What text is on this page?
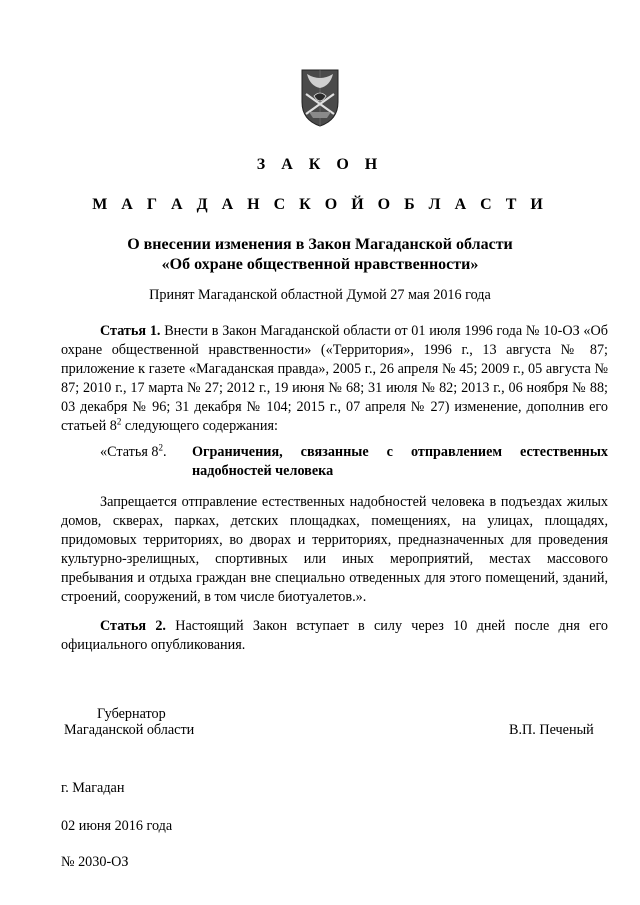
З А К О Н
М А Г А Д А Н С К О Й О Б Л А С Т И
О внесении изменения в Закон Магаданской области
«Об охране общественной нравственности»
Принят Магаданской областной Думой 27 мая 2016 года
Статья 1. Внести в Закон Магаданской области от 01 июля 1996 года № 10-ОЗ «Об охране общественной нравственности» («Территория», 1996 г., 13 августа № 87; приложение к газете «Магаданская правда», 2005 г., 26 апреля № 45; 2009 г., 05 августа № 87; 2010 г., 17 марта № 27; 2012 г., 19 июня № 68; 31 июля № 82; 2013 г., 06 ноября № 88; 03 декабря № 96; 31 декабря № 104; 2015 г., 07 апреля № 27) изменение, дополнив его статьей $8^2$ следующего содержания:
«Статья $8^2$. Ограничения, связанные с отправлением естественных надобностей человека
Запрещается отправление естественных надобностей человека в подъездах жилых домов, скверах, парках, детских площадках, помещениях, на улицах, площадях, придомовых территориях, во дворах и территориях, предназначенных для проведения культурно-зрелищных, спортивных или иных мероприятий, местах массового пребывания и отдыха граждан вне специально отведенных для этого помещений, зданий, строений, сооружений, в том числе биотуалетов.».
Статья 2. Настоящий Закон вступает в силу через 10 дней после дня его официального опубликования.
Губернатор
Магаданской области	В.П. Печеный
г. Магадан
02 июня 2016 года
№ 2030-ОЗ
